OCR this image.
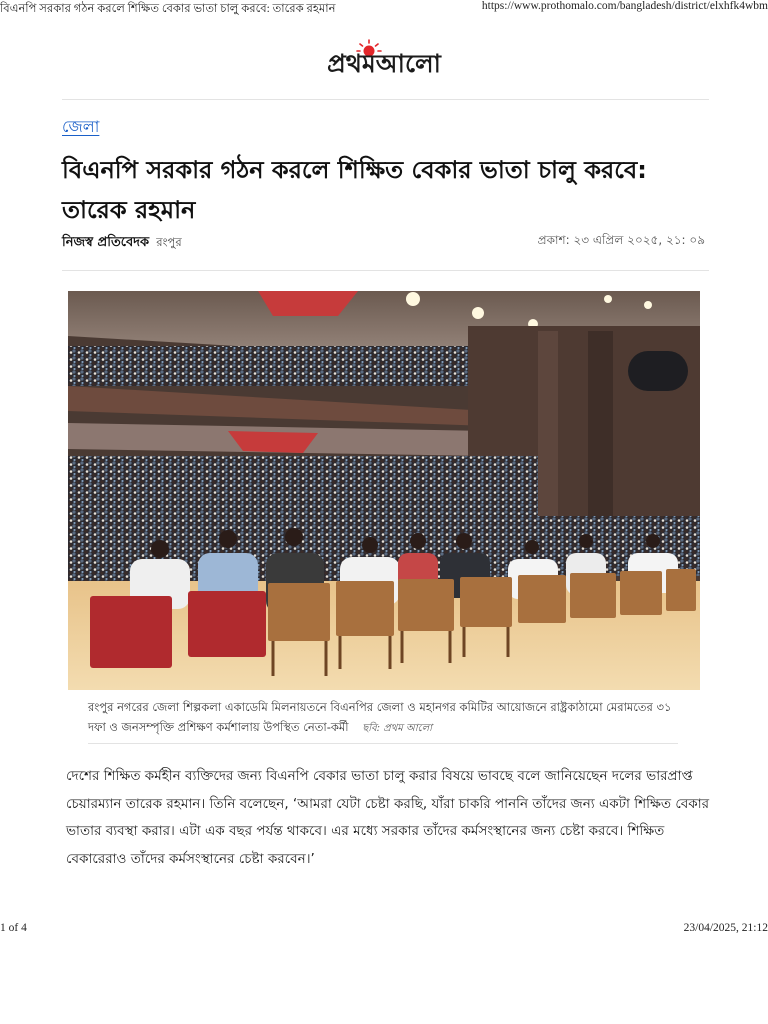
বিএনপি সরকার গঠন করলে শিক্ষিত বেকার ভাতা চালু করবে: তারেক রহমান	https://www.prothomalo.com/bangladesh/district/elxhfk4wbm
প্রথমআলো
জেলা
বিএনপি সরকার গঠন করলে শিক্ষিত বেকার ভাতা চালু করবে: তারেক রহমান
নিজস্ব প্রতিবেদক রংপুর	প্রকাশ: ২৩ এপ্রিল ২০২৫, ২১: ০৯
রংপুর নগরের জেলা শিল্পকলা একাডেমি মিলনায়তনে বিএনপির জেলা ও মহানগর কমিটির আয়োজনে রাষ্ট্রকাঠামো মেরামতের ৩১ দফা ও জনসম্পৃক্তি প্রশিক্ষণ কর্মশালায় উপস্থিত নেতা-কর্মী ছবি: প্রথম আলো

দেশের শিক্ষিত কর্মহীন ব্যক্তিদের জন্য বিএনপি বেকার ভাতা চালু করার বিষয়ে ভাবছে বলে জানিয়েছেন দলের ভারপ্রাপ্ত চেয়ারম্যান তারেক রহমান। তিনি বলেছেন, ‘আমরা যেটা চেষ্টা করছি, যাঁরা চাকরি পাননি তাঁদের জন্য একটা শিক্ষিত বেকার ভাতার ব্যবস্থা করার। এটা এক বছর পর্যন্ত থাকবে। এর মধ্যে সরকার তাঁদের কর্মসংস্থানের জন্য চেষ্টা করবে। শিক্ষিত বেকারেরাও তাঁদের কর্মসংস্থানের চেষ্টা করবেন।’

1 of 4	23/04/2025, 21:12
